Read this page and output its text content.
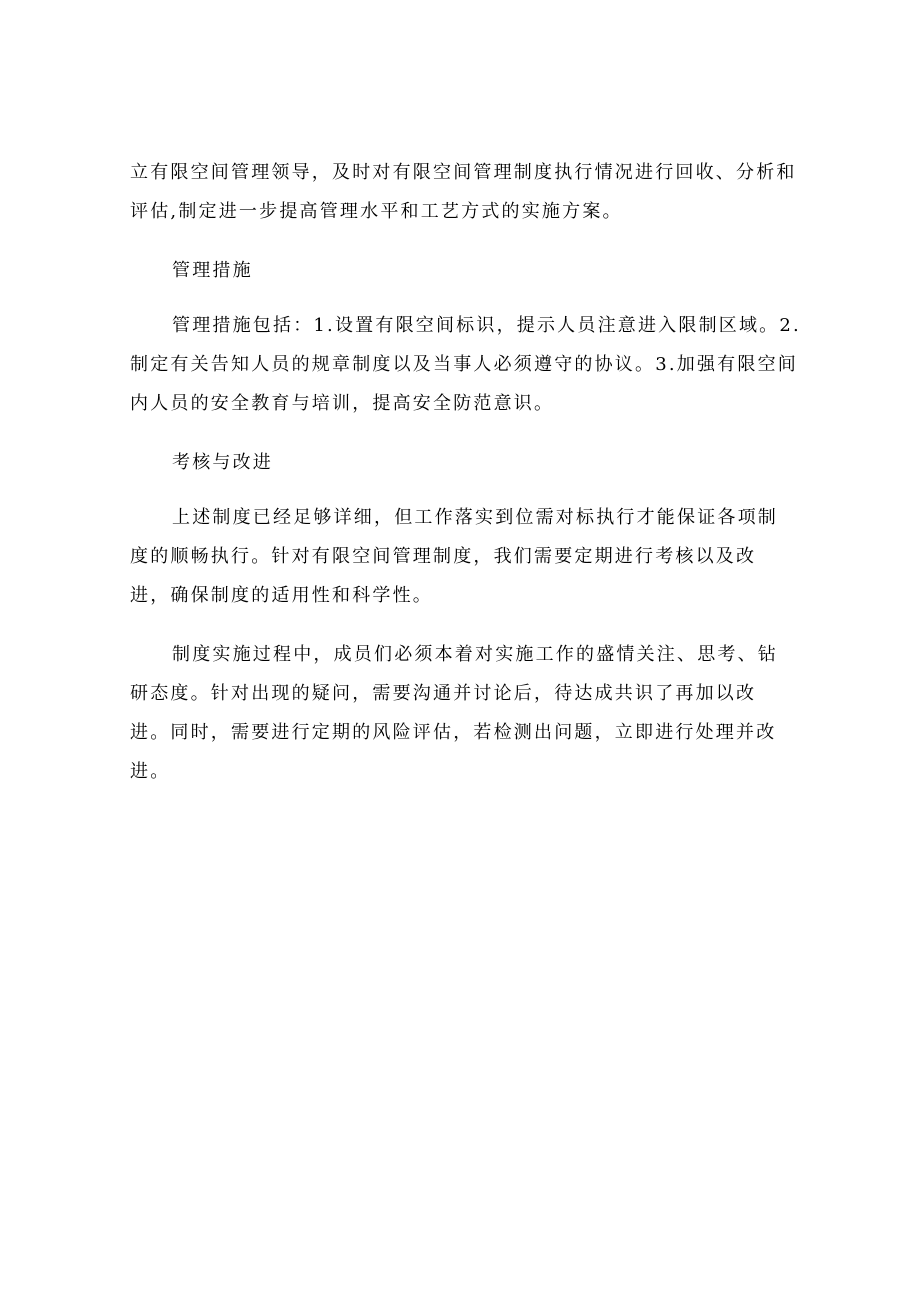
立有限空间管理领导，及时对有限空间管理制度执行情况进行回收、分析和
评估,制定进一步提高管理水平和工艺方式的实施方案。
管理措施
管理措施包括：1.设置有限空间标识，提示人员注意进入限制区域。2.
制定有关告知人员的规章制度以及当事人必须遵守的协议。3.加强有限空间
内人员的安全教育与培训，提高安全防范意识。
考核与改进
上述制度已经足够详细，但工作落实到位需对标执行才能保证各项制
度的顺畅执行。针对有限空间管理制度，我们需要定期进行考核以及改
进，确保制度的适用性和科学性。
制度实施过程中，成员们必须本着对实施工作的盛情关注、思考、钻
研态度。针对出现的疑问，需要沟通并讨论后，待达成共识了再加以改
进。同时，需要进行定期的风险评估，若检测出问题，立即进行处理并改
进。
